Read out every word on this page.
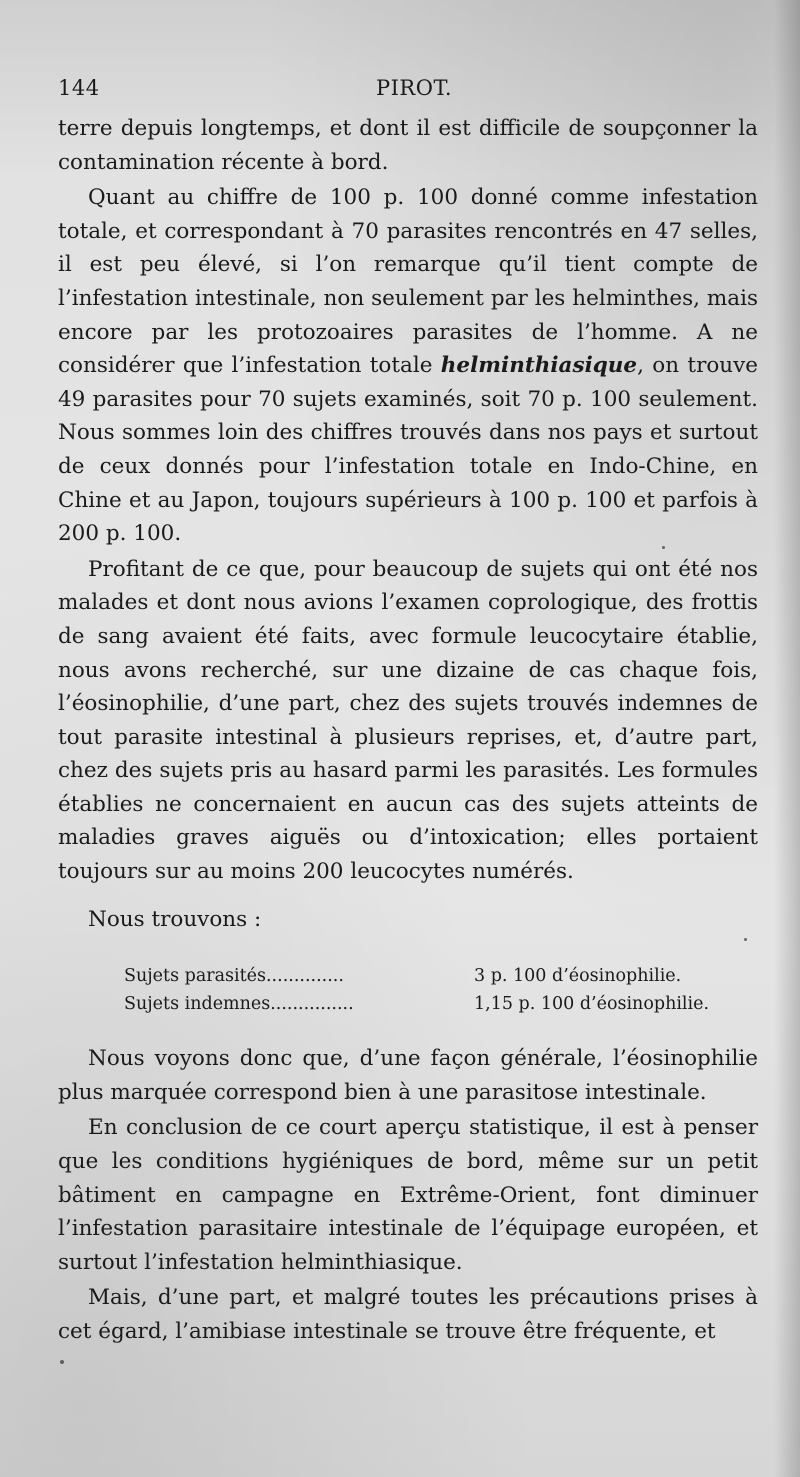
144	PIROT.

terre depuis longtemps, et dont il est difficile de soupçonner la contamination récente à bord.

Quant au chiffre de 100 p. 100 donné comme infestation totale, et correspondant à 70 parasites rencontrés en 47 selles, il est peu élevé, si l’on remarque qu’il tient compte de l’infestation intestinale, non seulement par les helminthes, mais encore par les protozoaires parasites de l’homme. A ne considérer que l’infestation totale helminthiasique, on trouve 49 parasites pour 70 sujets examinés, soit 70 p. 100 seulement. Nous sommes loin des chiffres trouvés dans nos pays et surtout de ceux donnés pour l’infestation totale en Indo-Chine, en Chine et au Japon, toujours supérieurs à 100 p. 100 et parfois à 200 p. 100.

Profitant de ce que, pour beaucoup de sujets qui ont été nos malades et dont nous avions l’examen coprologique, des frottis de sang avaient été faits, avec formule leucocytaire établie, nous avons recherché, sur une dizaine de cas chaque fois, l’éosinophilie, d’une part, chez des sujets trouvés indemnes de tout parasite intestinal à plusieurs reprises, et, d’autre part, chez des sujets pris au hasard parmi les parasités. Les formules établies ne concernaient en aucun cas des sujets atteints de maladies graves aiguës ou d’intoxication; elles portaient toujours sur au moins 200 leucocytes numérés.

Nous trouvons :

Sujets parasités..............	3 p. 100 d’éosinophilie.
Sujets indemnes...............	1,15 p. 100 d’éosinophilie.

Nous voyons donc que, d’une façon générale, l’éosinophilie plus marquée correspond bien à une parasitose intestinale.

En conclusion de ce court aperçu statistique, il est à penser que les conditions hygiéniques de bord, même sur un petit bâtiment en campagne en Extrême-Orient, font diminuer l’infestation parasitaire intestinale de l’équipage européen, et surtout l’infestation helminthiasique.

Mais, d’une part, et malgré toutes les précautions prises à cet égard, l’amibiase intestinale se trouve être fréquente, et
